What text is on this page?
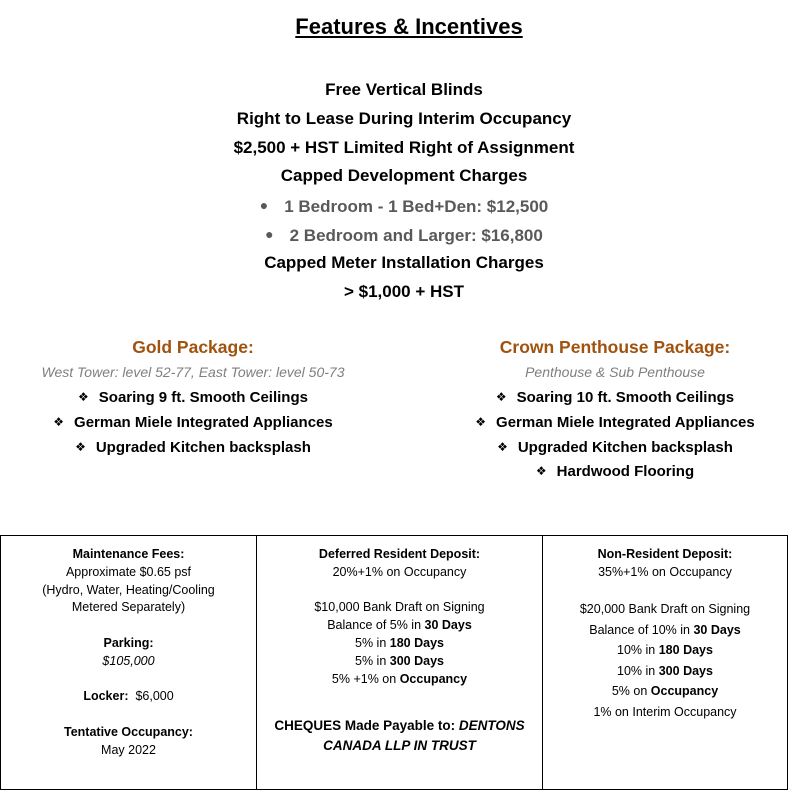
Features & Incentives
Free Vertical Blinds
Right to Lease During Interim Occupancy
$2,500 + HST Limited Right of Assignment
Capped Development Charges
● 1 Bedroom - 1 Bed+Den: $12,500
● 2 Bedroom and Larger: $16,800
Capped Meter Installation Charges
> $1,000 + HST
Gold Package:
West Tower: level 52-77, East Tower: level 50-73
❖ Soaring 9 ft. Smooth Ceilings
❖ German Miele Integrated Appliances
❖ Upgraded Kitchen backsplash
Crown Penthouse Package:
Penthouse & Sub Penthouse
❖ Soaring 10 ft. Smooth Ceilings
❖ German Miele Integrated Appliances
❖ Upgraded Kitchen backsplash
❖ Hardwood Flooring
Maintenance Fees:
Approximate $0.65 psf
(Hydro, Water, Heating/Cooling
Metered Separately)
Parking:
$105,000
Locker: $6,000
Tentative Occupancy:
May 2022
Deferred Resident Deposit:
20%+1% on Occupancy
$10,000 Bank Draft on Signing
Balance of 5% in 30 Days
5% in 180 Days
5% in 300 Days
5% +1% on Occupancy
CHEQUES Made Payable to: DENTONS
CANADA LLP IN TRUST
Non-Resident Deposit:
35%+1% on Occupancy
$20,000 Bank Draft on Signing
Balance of 10% in 30 Days
10% in 180 Days
10% in 300 Days
5% on Occupancy
1% on Interim Occupancy
